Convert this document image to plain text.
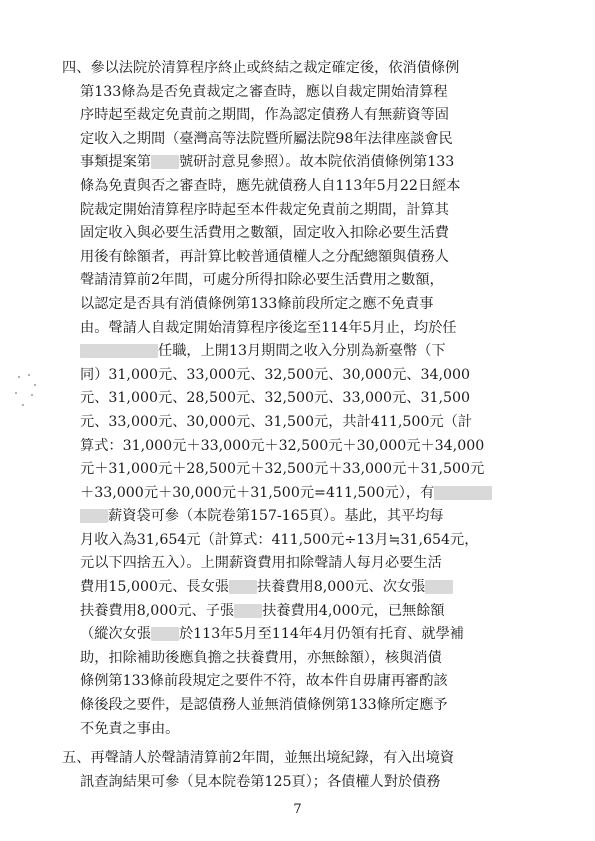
四、參以法院於清算程序終止或終結之裁定確定後，依消債條例
第133條為是否免責裁定之審查時，應以自裁定開始清算程
序時起至裁定免責前之期間，作為認定債務人有無薪資等固
定收入之期間（臺灣高等法院暨所屬法院98年法律座談會民
事類提案第 號研討意見參照）。故本院依消債條例第133
條為免責與否之審查時，應先就債務人自113年5月22日經本
院裁定開始清算程序時起至本件裁定免責前之期間，計算其
固定收入與必要生活費用之數額，固定收入扣除必要生活費
用後有餘額者，再計算比較普通債權人之分配總額與債務人
聲請清算前2年間，可處分所得扣除必要生活費用之數額，
以認定是否具有消債條例第133條前段所定之應不免責事
由。聲請人自裁定開始清算程序後迄至114年5月止，均於任
任職，上開13月期間之收入分別為新臺幣（下
同）31,000元、33,000元、32,500元、30,000元、34,000
元、31,000元、28,500元、32,500元、33,000元、31,500
元、33,000元、30,000元、31,500元，共計411,500元（計
算式：31,000元＋33,000元＋32,500元＋30,000元＋34,000
元＋31,000元＋28,500元＋32,500元＋33,000元＋31,500元
＋33,000元＋30,000元＋31,500元=411,500元），有
薪資袋可參（本院卷第157-165頁）。基此，其平均每
月收入為31,654元（計算式：411,500元÷13月≒31,654元，
元以下四捨五入）。上開薪資費用扣除聲請人每月必要生活
費用15,000元、長女張 扶養費用8,000元、次女張
扶養費用8,000元、子張 扶養費用4,000元，已無餘額
（縱次女張 於113年5月至114年4月仍領有托育、就學補
助，扣除補助後應負擔之扶養費用，亦無餘額），核與消債
條例第133條前段規定之要件不符，故本件自毋庸再審酌該
條後段之要件，是認債務人並無消債條例第133條所定應予
不免責之事由。
五、再聲請人於聲請清算前2年間，並無出境紀錄，有入出境資
訊查詢結果可參（見本院卷第125頁）；各債權人對於債務
7
